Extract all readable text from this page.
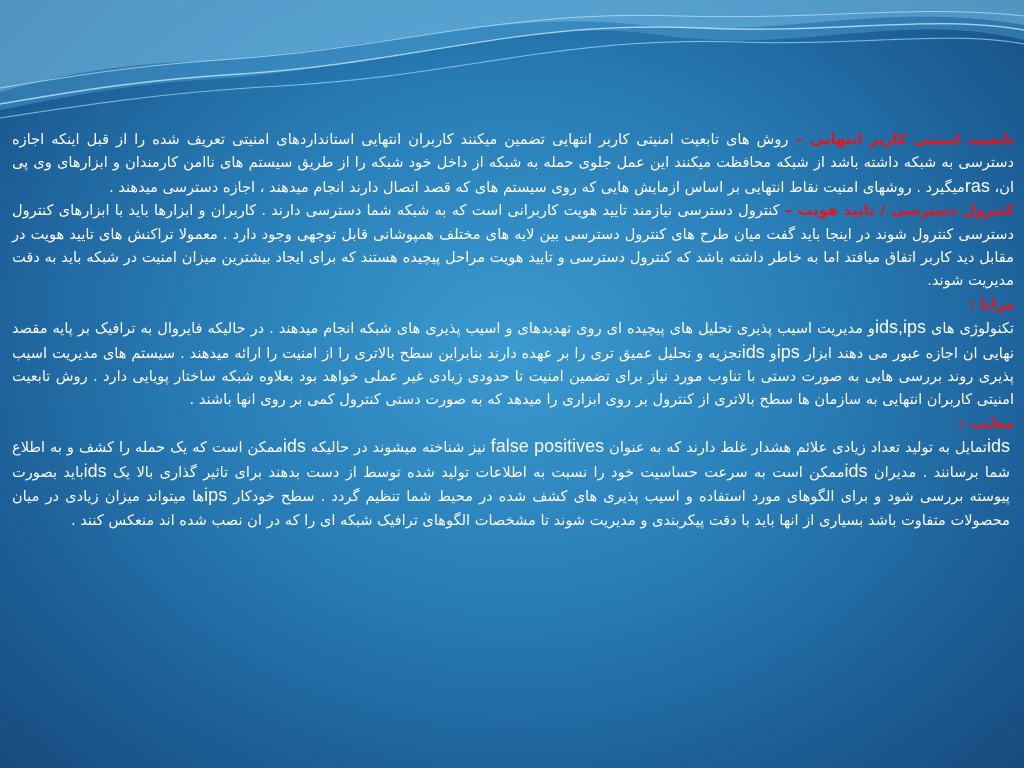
تابعیت امنیتی کاربر انتهایی – روش های تابعیت امنیتی کاربر انتهایی تضمین میکنند کاربران انتهایی استانداردهای امنیتی تعریف شده را از قبل اینکه اجازه دسترسی به شبکه داشته باشد از شبکه محافظت میکنند این عمل جلوی حمله به شبکه از داخل خود شبکه را از طریق سیستم های ناامن کارمندان و ابزارهای وی پی ان، rasمیگیرد . روشهای امنیت نقاط انتهایی بر اساس ازمایش هایی که روی سیستم های که قصد اتصال دارند انجام میدهند ، اجازه دسترسی میدهند .

کنترول دسترسی / تایید هویت – کنترول دسترسی نیازمند تایید هویت کاربرانی است که به شبکه شما دسترسی دارند . کاربران و ابزارها باید با ابزارهای کنترول دسترسی کنترول شوند در اینجا باید گفت میان طرح های کنترول دسترسی بین لایه های مختلف همپوشانی قابل توجهی وجود دارد . معمولا تراکنش های تایید هویت در مقابل دید کاربر اتفاق میافتد اما به خاطر داشته باشد که کنترول دسترسی و تایید هویت مراحل پیچیده هستند که برای ایجاد بیشترین میزان امنیت در شبکه باید به دقت مدیریت شوند.

مزایا :

تکنولوژی های ids,ipsو مدیریت اسیب پذیری تحلیل های پیچیده ای روی تهدیدهای و اسیب پذیری های شبکه انجام میدهند . در حالیکه فایروال به ترافیک بر پایه مقصد نهایی ان اجازه عبور می دهند ابزار ipsو idsتجزیه و تحلیل عمیق تری را بر عهده دارند بنابراین سطح بالاتری را از امنیت را ارائه میدهند . سیستم های مدیریت اسیب پذیری روند بررسی هایی به صورت دستی با تناوب مورد نیاز برای تضمین امنیت تا حدودی زیادی غیر عملی خواهد بود بعلاوه شبکه ساختار پویایی دارد . روش تابعیت امنیتی کاربران انتهایی به سازمان ها سطح بالاتری از کنترول بر روی ابزاری را میدهد که به صورت دستی کنترول کمی بر روی انها باشند .

معایب :

idsتمایل به تولید تعداد زیادی علائم هشدار غلط دارند که به عنوان false positives نیز شناخته میشوند در حالیکه idsممکن است که یک حمله را کشف و به اطلاع شما برسانند . مدیران idsممکن است به سرعت حساسیت خود را نسبت به اطلاعات تولید شده توسط از دست بدهند برای تاثیر گذاری بالا یک idsباید بصورت پیوسته بررسی شود و برای الگوهای مورد استفاده و اسیب پذیری های کشف شده در محیط شما تنظیم گردد . سطح خودکار ipsها میتواند میزان زیادی در میان محصولات متفاوت باشد بسیاری از انها باید با دقت پیکربندی و مدیریت شوند تا مشخصات الگوهای ترافیک شبکه ای را که در ان نصب شده اند منعکس کنند .
